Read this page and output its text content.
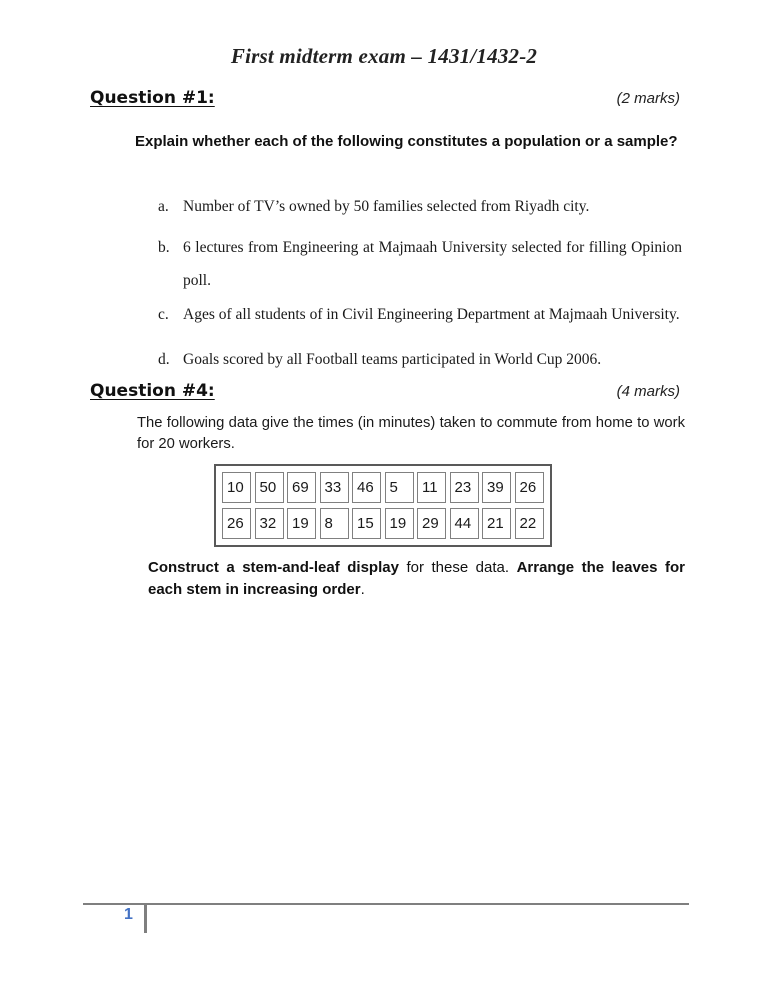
First midterm exam – 1431/1432-2
Question #1:	(2 marks)
Explain whether each of the following constitutes a population or a sample?
a. Number of TV’s owned by 50 families selected from Riyadh city.
b. 6 lectures from Engineering at Majmaah University selected for filling Opinion poll.
c. Ages of all students of in Civil Engineering Department at Majmaah University.
d. Goals scored by all Football teams participated in World Cup 2006.
Question #4:	(4 marks)
The following data give the times (in minutes) taken to commute from home to work for 20 workers.
10	50	69	33	46	5	11	23	39	26
26	32	19	8	15	19	29	44	21	22
Construct a stem-and-leaf display for these data. Arrange the leaves for each stem in increasing order.
1
